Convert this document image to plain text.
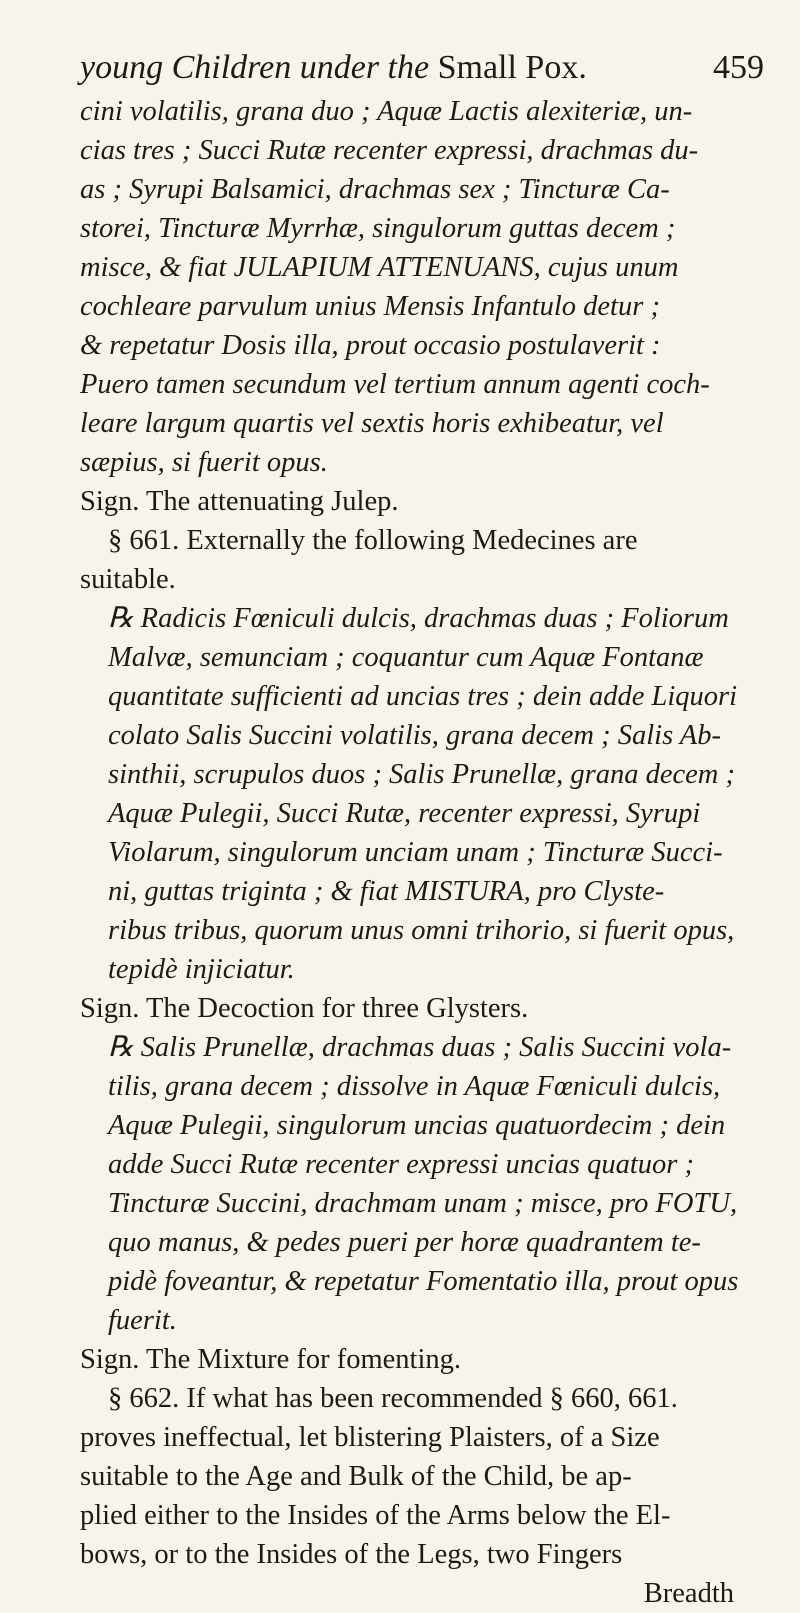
young Children under the Small Pox.	459
cini volatilis, grana duo ; Aquæ Lactis alexiteriæ, un-
cias tres ; Succi Rutæ recenter expressi, drachmas du-
as ; Syrupi Balsamici, drachmas sex ; Tincturæ Ca-
storei, Tincturæ Myrrhæ, singulorum guttas decem ;
misce, & fiat JULAPIUM ATTENUANS, cujus unum
cochleare parvulum unius Mensis Infantulo detur ;
& repetatur Dosis illa, prout occasio postulaverit :
Puero tamen secundum vel tertium annum agenti coch-
leare largum quartis vel sextis horis exhibeatur, vel
sæpius, si fuerit opus.
Sign. The attenuating Julep.
§ 661. Externally the following Medecines are
suitable.
℞ Radicis Fœniculi dulcis, drachmas duas ; Foliorum
Malvæ, semunciam ; coquantur cum Aquæ Fontanæ
quantitate sufficienti ad uncias tres ; dein adde Liquori
colato Salis Succini volatilis, grana decem ; Salis Ab-
sinthii, scrupulos duos ; Salis Prunellæ, grana decem ;
Aquæ Pulegii, Succi Rutæ, recenter expressi, Syrupi
Violarum, singulorum unciam unam ; Tincturæ Succi-
ni, guttas triginta ; & fiat MISTURA, pro Clyste-
ribus tribus, quorum unus omni trihorio, si fuerit opus,
tepidè injiciatur.
Sign. The Decoction for three Glysters.
℞ Salis Prunellæ, drachmas duas ; Salis Succini vola-
tilis, grana decem ; dissolve in Aquæ Fœniculi dulcis,
Aquæ Pulegii, singulorum uncias quatuordecim ; dein
adde Succi Rutæ recenter expressi uncias quatuor ;
Tincturæ Succini, drachmam unam ; misce, pro FOTU,
quo manus, & pedes pueri per horæ quadrantem te-
pidè foveantur, & repetatur Fomentatio illa, prout opus
fuerit.
Sign. The Mixture for fomenting.
§ 662. If what has been recommended § 660, 661.
proves ineffectual, let blistering Plaisters, of a Size
suitable to the Age and Bulk of the Child, be ap-
plied either to the Insides of the Arms below the El-
bows, or to the Insides of the Legs, two Fingers
Breadth
